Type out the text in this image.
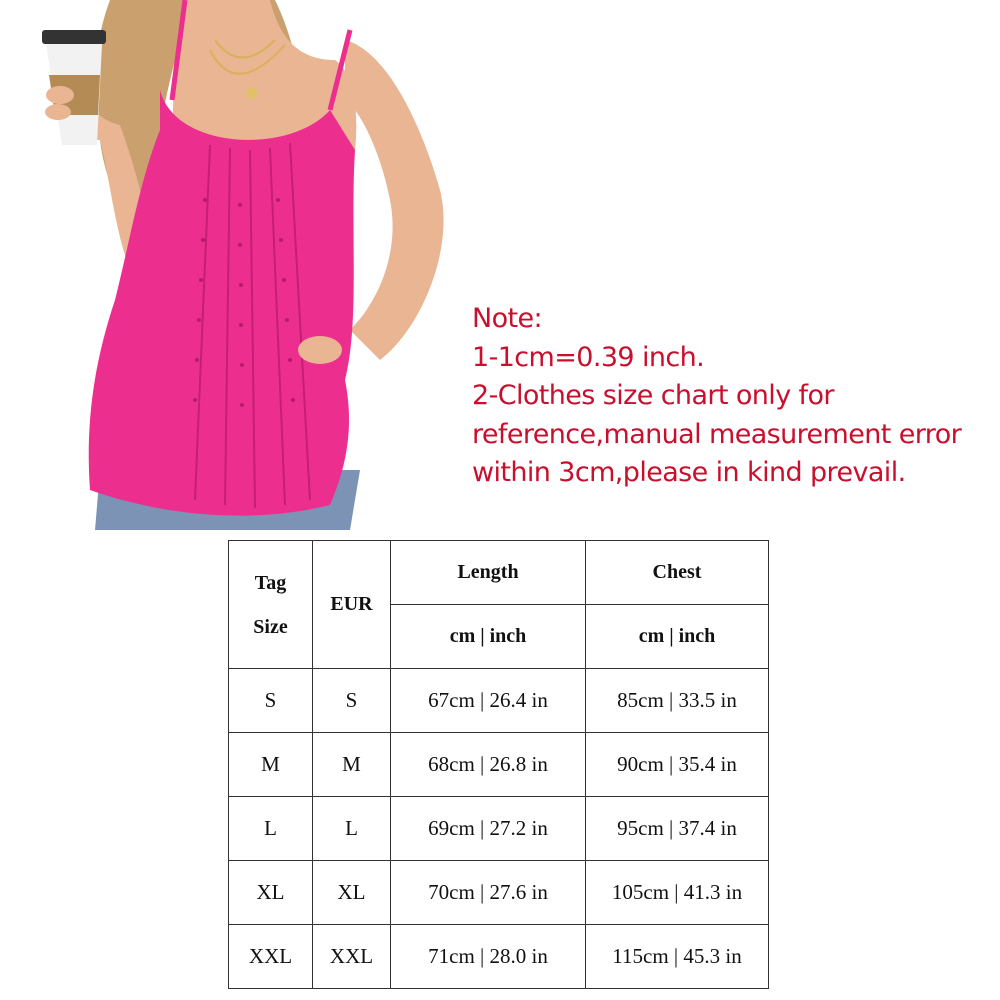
Note:
1-1cm=0.39 inch.
2-Clothes size chart only for
reference,manual measurement error
within 3cm,please in kind prevail.
Tag
Size	EUR	Length	Chest
		cm | inch	cm | inch
S	S	67cm | 26.4 in	85cm | 33.5 in
M	M	68cm | 26.8 in	90cm | 35.4 in
L	L	69cm | 27.2 in	95cm | 37.4 in
XL	XL	70cm | 27.6 in	105cm | 41.3 in
XXL	XXL	71cm | 28.0 in	115cm | 45.3 in
